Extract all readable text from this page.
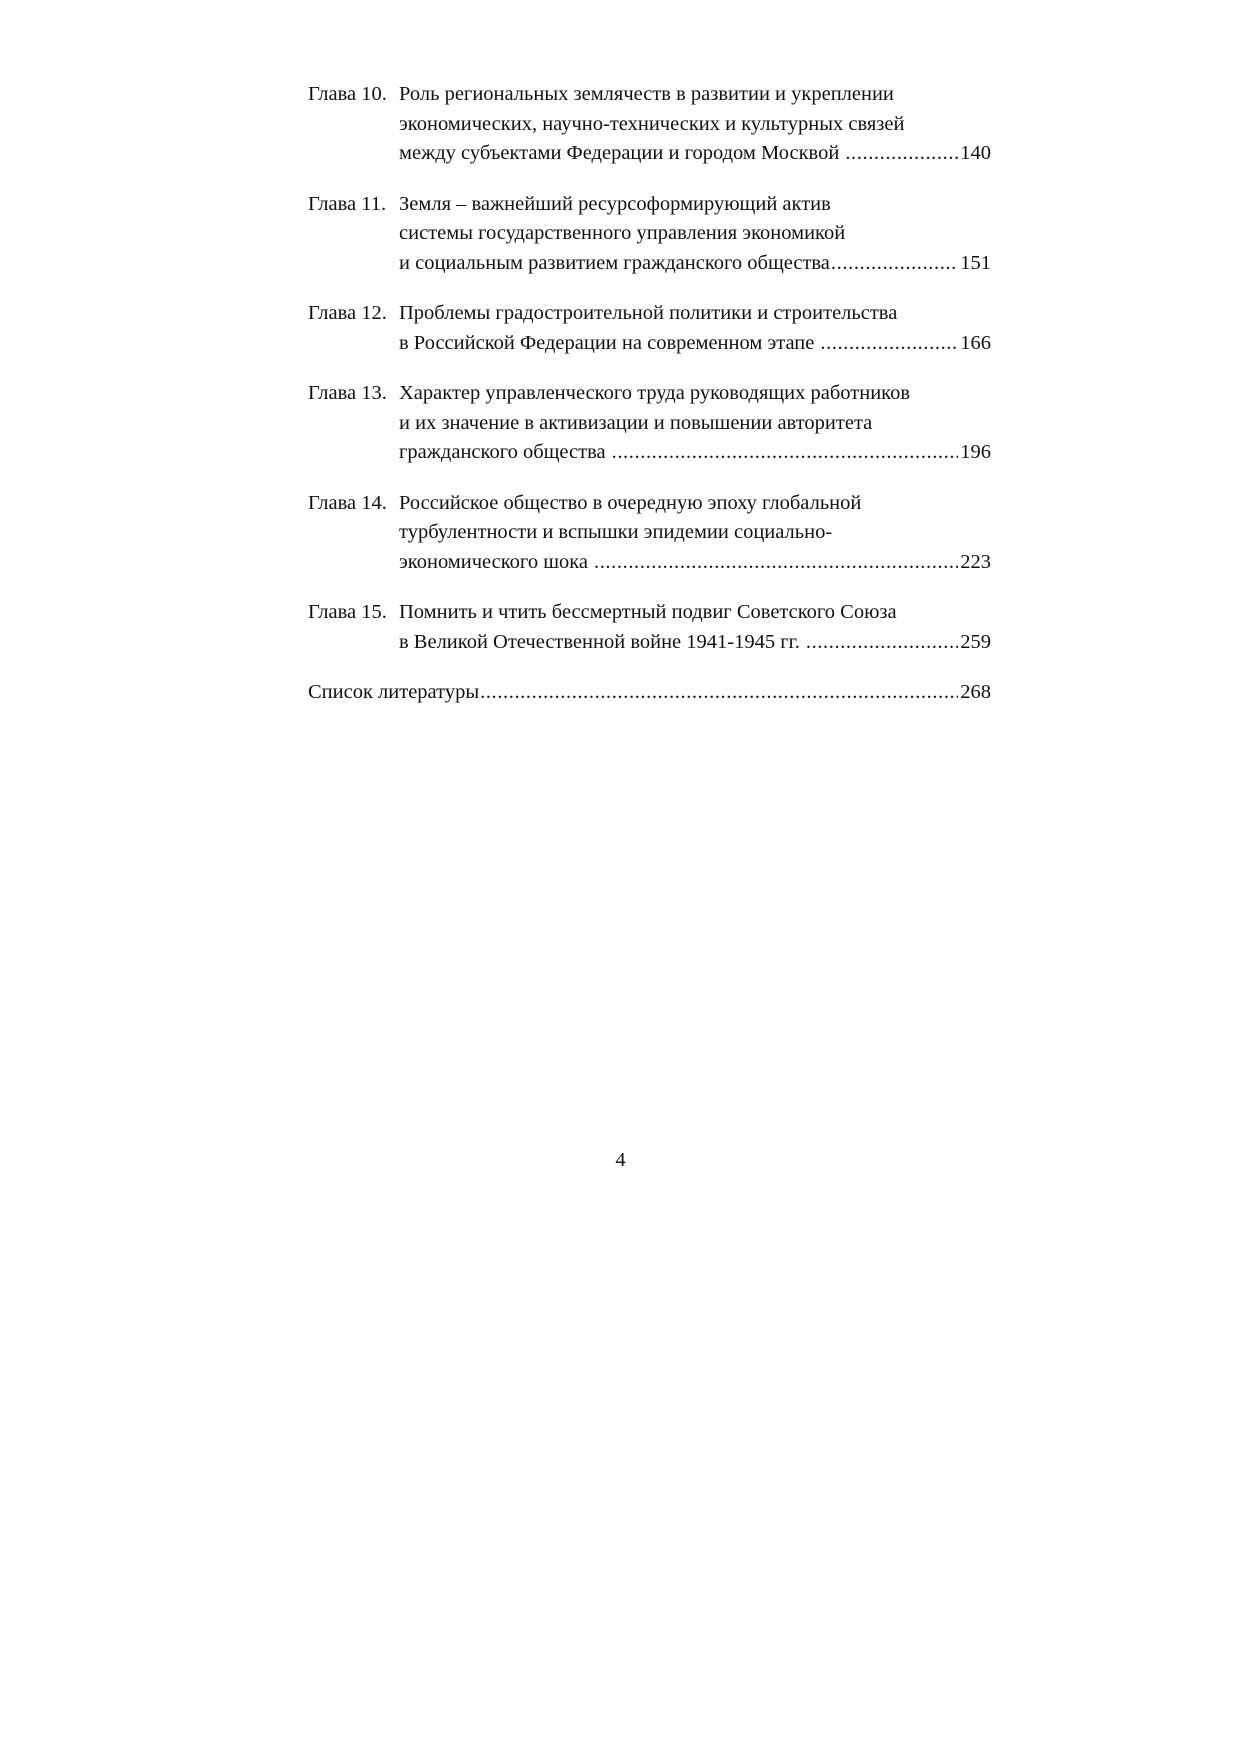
Глава 10. Роль региональных землячеств в развитии и укреплении
экономических, научно-технических и культурных связей
между субъектами Федерации и городом Москвой .....	140
Глава 11. Земля – важнейший ресурсоформирующий актив
системы государственного управления экономикой
и социальным развитием гражданского общества .....	151
Глава 12. Проблемы градостроительной политики и строительства
в Российской Федерации на современном этапе .....	166
Глава 13. Характер управленческого труда руководящих работников
и их значение в активизации и повышении авторитета
гражданского общества .....	196
Глава 14. Российское общество в очередную эпоху глобальной
турбулентности и вспышки эпидемии социально-
экономического шока .....	223
Глава 15. Помнить и чтить бессмертный подвиг Советского Союза
в Великой Отечественной войне 1941-1945 гг. .....	259
Список литературы .....	268
4
